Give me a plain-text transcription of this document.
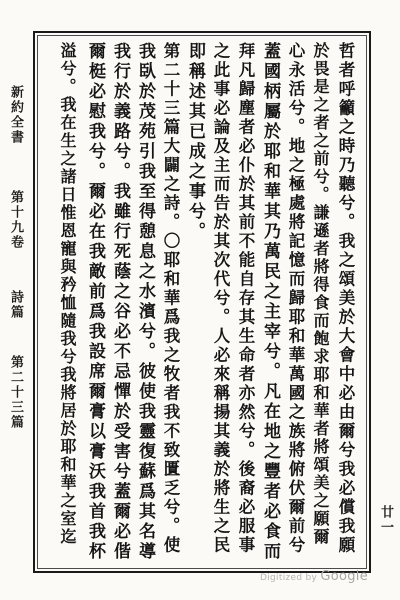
新約全書
第十九卷
詩篇
第二十三篇
廿一
哲者呼籲之時乃聽兮。我之頌美於大會中必由爾兮我必償我願
於畏是之者之前兮。謙遜者將得食而飽求耶和華者將頌美之願爾
心永活兮。地之極處將記憶而歸耶和華萬國之族將俯伏爾前兮
蓋國柄屬於耶和華其乃萬民之主宰兮。凡在地之豐者必食而
拜凡歸塵者必仆於其前不能自存其生命者亦然兮。後裔必服事
之此事必論及主而告於其次代兮。人必來稱揚其義於將生之民
即稱述其已成之事兮。
第二十三篇大闢之詩。〇耶和華爲我之牧者我不致匱乏兮。使
我臥於茂苑引我至得憩息之水濱兮。彼使我靈復蘇爲其名導
我行於義路兮。我雖行死蔭之谷必不忌憚於受害兮蓋爾必偕
爾梃必慰我兮。爾必在我敵前爲我設席爾膏以膏沃我首我杯
溢兮。我在生之諸日惟恩寵與矜恤隨我兮我將居於耶和華之室迄
Digitized by Google
